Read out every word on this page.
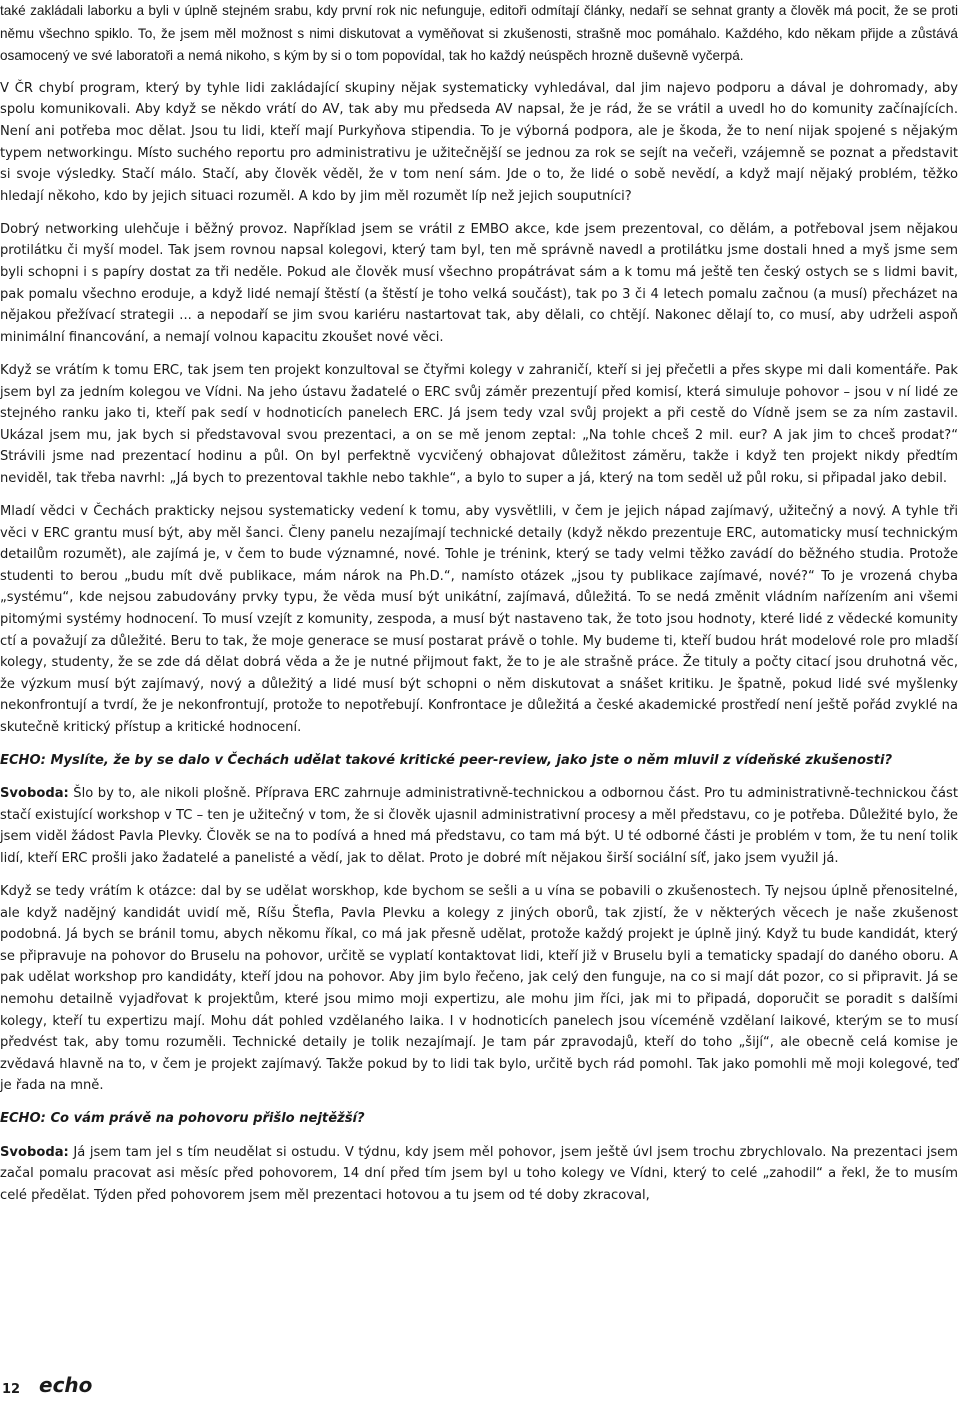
také zakládali laborku a byli v úplně stejném srabu, kdy první rok nic nefunguje, editoři odmítají články, nedaří se sehnat granty a člověk má pocit, že se proti němu všechno spiklo. To, že jsem měl možnost s nimi diskutovat a vyměňovat si zkušenosti, strašně moc pomáhalo. Každého, kdo někam přijde a zůstává osamocený ve své laboratoři a nemá nikoho, s kým by si o tom popovídal, tak ho každý neúspěch hrozně duševně vyčerpá.

V ČR chybí program, který by tyhle lidi zakládající skupiny nějak systematicky vyhledával, dal jim najevo podporu a dával je dohromady, aby spolu komunikovali. Aby když se někdo vrátí do AV, tak aby mu předseda AV napsal, že je rád, že se vrátil a uvedl ho do komunity začínajících. Není ani potřeba moc dělat. Jsou tu lidi, kteří mají Purkyňova stipendia. To je výborná podpora, ale je škoda, že to není nijak spojené s nějakým typem networkingu. Místo suchého reportu pro administrativu je užitečnější se jednou za rok se sejít na večeři, vzájemně se poznat a představit si svoje výsledky. Stačí málo. Stačí, aby člověk věděl, že v tom není sám. Jde o to, že lidé o sobě nevědí, a když mají nějaký problém, těžko hledají někoho, kdo by jejich situaci rozuměl. A kdo by jim měl rozumět líp než jejich souputníci?

Dobrý networking ulehčuje i běžný provoz. Například jsem se vrátil z EMBO akce, kde jsem prezentoval, co dělám, a potřeboval jsem nějakou protilátku či myší model. Tak jsem rovnou napsal kolegovi, který tam byl, ten mě správně navedl a protilátku jsme dostali hned a myš jsme sem byli schopni i s papíry dostat za tři neděle. Pokud ale člověk musí všechno propátrávat sám a k tomu má ještě ten český ostych se s lidmi bavit, pak pomalu všechno eroduje, a když lidé nemají štěstí (a štěstí je toho velká součást), tak po 3 či 4 letech pomalu začnou (a musí) přecházet na nějakou přežívací strategii ... a nepodaří se jim svou kariéru nastartovat tak, aby dělali, co chtějí. Nakonec dělají to, co musí, aby udrželi aspoň minimální financování, a nemají volnou kapacitu zkoušet nové věci.

Když se vrátím k tomu ERC, tak jsem ten projekt konzultoval se čtyřmi kolegy v zahraničí, kteří si jej přečetli a přes skype mi dali komentáře. Pak jsem byl za jedním kolegou ve Vídni. Na jeho ústavu žadatelé o ERC svůj záměr prezentují před komisí, která simuluje pohovor – jsou v ní lidé ze stejného ranku jako ti, kteří pak sedí v hodnoticích panelech ERC. Já jsem tedy vzal svůj projekt a při cestě do Vídně jsem se za ním zastavil. Ukázal jsem mu, jak bych si představoval svou prezentaci, a on se mě jenom zeptal: „Na tohle chceš 2 mil. eur? A jak jim to chceš prodat?“ Strávili jsme nad prezentací hodinu a půl. On byl perfektně vycvičený obhajovat důležitost záměru, takže i když ten projekt nikdy předtím neviděl, tak třeba navrhl: „Já bych to prezentoval takhle nebo takhle“, a bylo to super a já, který na tom seděl už půl roku, si připadal jako debil.

Mladí vědci v Čechách prakticky nejsou systematicky vedení k tomu, aby vysvětlili, v čem je jejich nápad zajímavý, užitečný a nový. A tyhle tři věci v ERC grantu musí být, aby měl šanci. Členy panelu nezajímají technické detaily (když někdo prezentuje ERC, automaticky musí technickým detailům rozumět), ale zajímá je, v čem to bude významné, nové. Tohle je trénink, který se tady velmi těžko zavádí do běžného studia. Protože studenti to berou „budu mít dvě publikace, mám nárok na Ph.D.“, namísto otázek „jsou ty publikace zajímavé, nové?“ To je vrozená chyba „systému“, kde nejsou zabudovány prvky typu, že věda musí být unikátní, zajímavá, důležitá. To se nedá změnit vládním nařízením ani všemi pitomými systémy hodnocení. To musí vzejít z komunity, zespoda, a musí být nastaveno tak, že toto jsou hodnoty, které lidé z vědecké komunity ctí a považují za důležité. Beru to tak, že moje generace se musí postarat právě o tohle. My budeme ti, kteří budou hrát modelové role pro mladší kolegy, studenty, že se zde dá dělat dobrá věda a že je nutné přijmout fakt, že to je ale strašně práce. Že tituly a počty citací jsou druhotná věc, že výzkum musí být zajímavý, nový a důležitý a lidé musí být schopni o něm diskutovat a snášet kritiku. Je špatně, pokud lidé své myšlenky nekonfrontují a tvrdí, že je nekonfrontují, protože to nepotřebují. Konfrontace je důležitá a české akademické prostředí není ještě pořád zvyklé na skutečně kritický přístup a kritické hodnocení.

ECHO: Myslíte, že by se dalo v Čechách udělat takové kritické peer-review, jako jste o něm mluvil z vídeňské zkušenosti?

Svoboda: Šlo by to, ale nikoli plošně. Příprava ERC zahrnuje administrativně-technickou a odbornou část. Pro tu administrativně-technickou část stačí existující workshop v TC – ten je užitečný v tom, že si člověk ujasnil administrativní procesy a měl představu, co je potřeba. Důležité bylo, že jsem viděl žádost Pavla Plevky. Člověk se na to podívá a hned má představu, co tam má být. U té odborné části je problém v tom, že tu není tolik lidí, kteří ERC prošli jako žadatelé a panelisté a vědí, jak to dělat. Proto je dobré mít nějakou širší sociální síť, jako jsem využil já.

Když se tedy vrátím k otázce: dal by se udělat worskhop, kde bychom se sešli a u vína se pobavili o zkušenostech. Ty nejsou úplně přenositelné, ale když nadějný kandidát uvidí mě, Ríšu Štefla, Pavla Plevku a kolegy z jiných oborů, tak zjistí, že v některých věcech je naše zkušenost podobná. Já bych se bránil tomu, abych někomu říkal, co má jak přesně udělat, protože každý projekt je úplně jiný. Když tu bude kandidát, který se připravuje na pohovor do Bruselu na pohovor, určitě se vyplatí kontaktovat lidi, kteří již v Bruselu byli a tematicky spadají do daného oboru. A pak udělat workshop pro kandidáty, kteří jdou na pohovor. Aby jim bylo řečeno, jak celý den funguje, na co si mají dát pozor, co si připravit. Já se nemohu detailně vyjadřovat k projektům, které jsou mimo moji expertizu, ale mohu jim říci, jak mi to připadá, doporučit se poradit s dalšími kolegy, kteří tu expertizu mají. Mohu dát pohled vzdělaného laika. I v hodnoticích panelech jsou víceméně vzdělaní laikové, kterým se to musí předvést tak, aby tomu rozuměli. Technické detaily je tolik nezajímají. Je tam pár zpravodajů, kteří do toho „šijí“, ale obecně celá komise je zvědavá hlavně na to, v čem je projekt zajímavý. Takže pokud by to lidi tak bylo, určitě bych rád pomohl. Tak jako pomohli mě moji kolegové, teď je řada na mně.

ECHO: Co vám právě na pohovoru přišlo nejtěžší?

Svoboda: Já jsem tam jel s tím neudělat si ostudu. V týdnu, kdy jsem měl pohovor, jsem ještě úvl jsem trochu zbrychlovalo. Na prezentaci jsem začal pomalu pracovat asi měsíc před pohovorem, 14 dní před tím jsem byl u toho kolegy ve Vídni, který to celé „zahodil“ a řekl, že to musím celé předělat. Týden před pohovorem jsem měl prezentaci hotovou a tu jsem od té doby zkracoval,

12 echo
